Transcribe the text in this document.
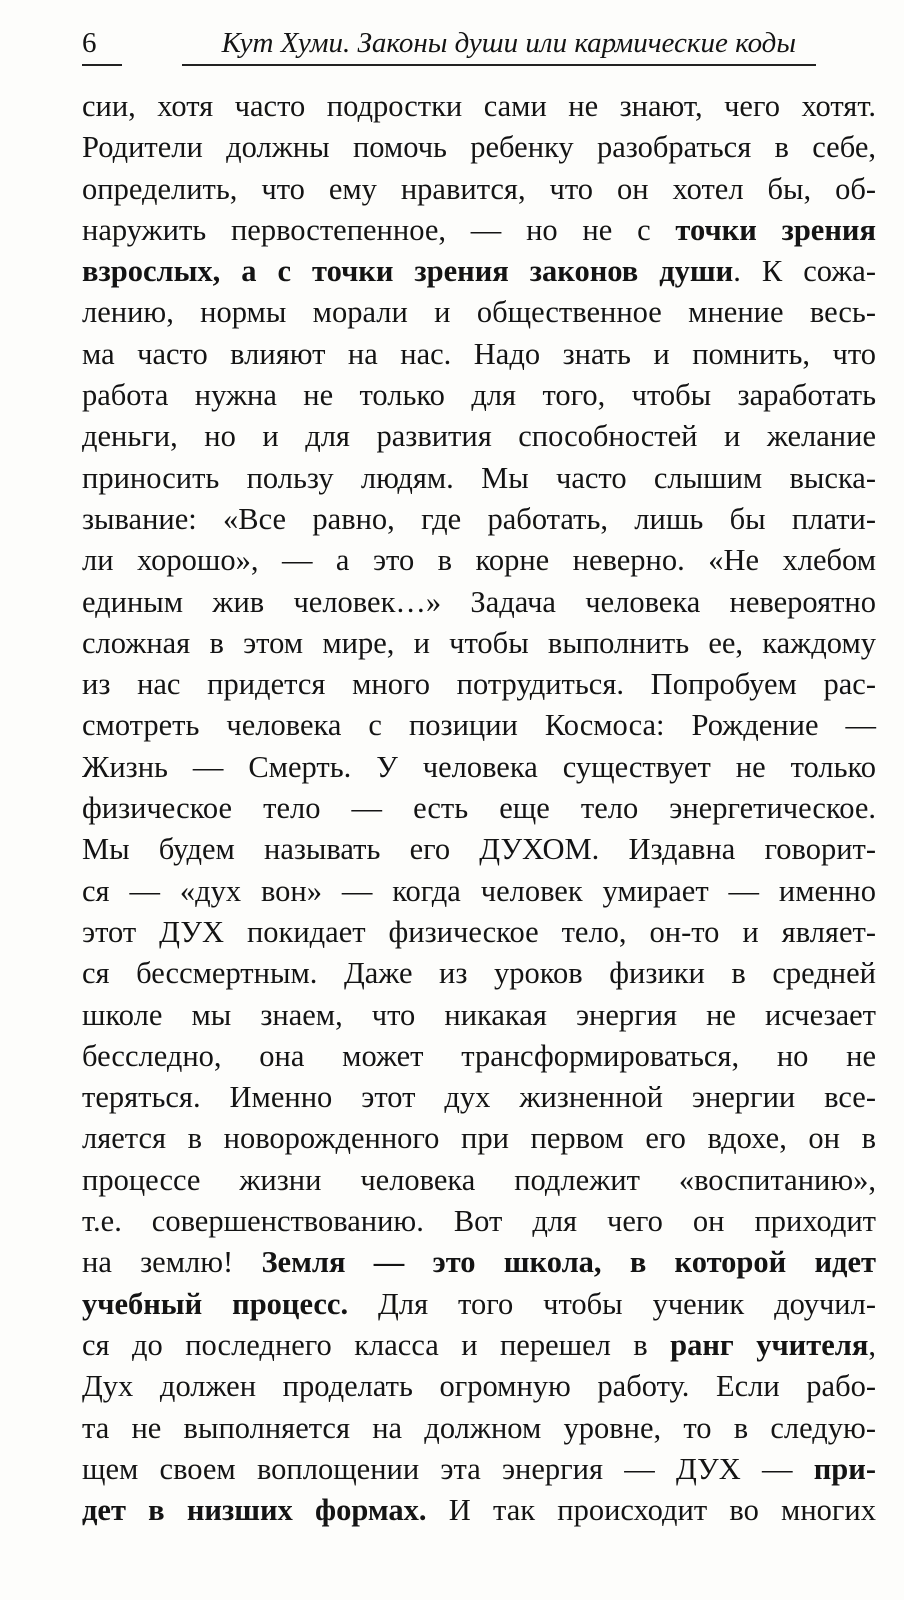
6	Кут Хуми. Законы души или кармические коды
сии, хотя часто подростки сами не знают, чего хотят.
Родители должны помочь ребенку разобраться в себе,
определить, что ему нравится, что он хотел бы, об-
наружить первостепенное, — но не с точки зрения
взрослых, а с точки зрения законов души. К сожа-
лению, нормы морали и общественное мнение весь-
ма часто влияют на нас. Надо знать и помнить, что
работа нужна не только для того, чтобы заработать
деньги, но и для развития способностей и желание
приносить пользу людям. Мы часто слышим выска-
зывание: «Все равно, где работать, лишь бы плати-
ли хорошо», — а это в корне неверно. «Не хлебом
единым жив человек…» Задача человека невероятно
сложная в этом мире, и чтобы выполнить ее, каждому
из нас придется много потрудиться. Попробуем рас-
смотреть человека с позиции Космоса: Рождение —
Жизнь — Смерть. У человека существует не только
физическое тело — есть еще тело энергетическое.
Мы будем называть его ДУХОМ. Издавна говорит-
ся — «дух вон» — когда человек умирает — именно
этот ДУХ покидает физическое тело, он-то и являет-
ся бессмертным. Даже из уроков физики в средней
школе мы знаем, что никакая энергия не исчезает
бесследно, она может трансформироваться, но не
теряться. Именно этот дух жизненной энергии все-
ляется в новорожденного при первом его вдохе, он в
процессе жизни человека подлежит «воспитанию»,
т.е. совершенствованию. Вот для чего он приходит
на землю! Земля — это школа, в которой идет
учебный процесс. Для того чтобы ученик доучил-
ся до последнего класса и перешел в ранг учителя,
Дух должен проделать огромную работу. Если рабо-
та не выполняется на должном уровне, то в следую-
щем своем воплощении эта энергия — ДУХ — при-
дет в низших формах. И так происходит во многих
